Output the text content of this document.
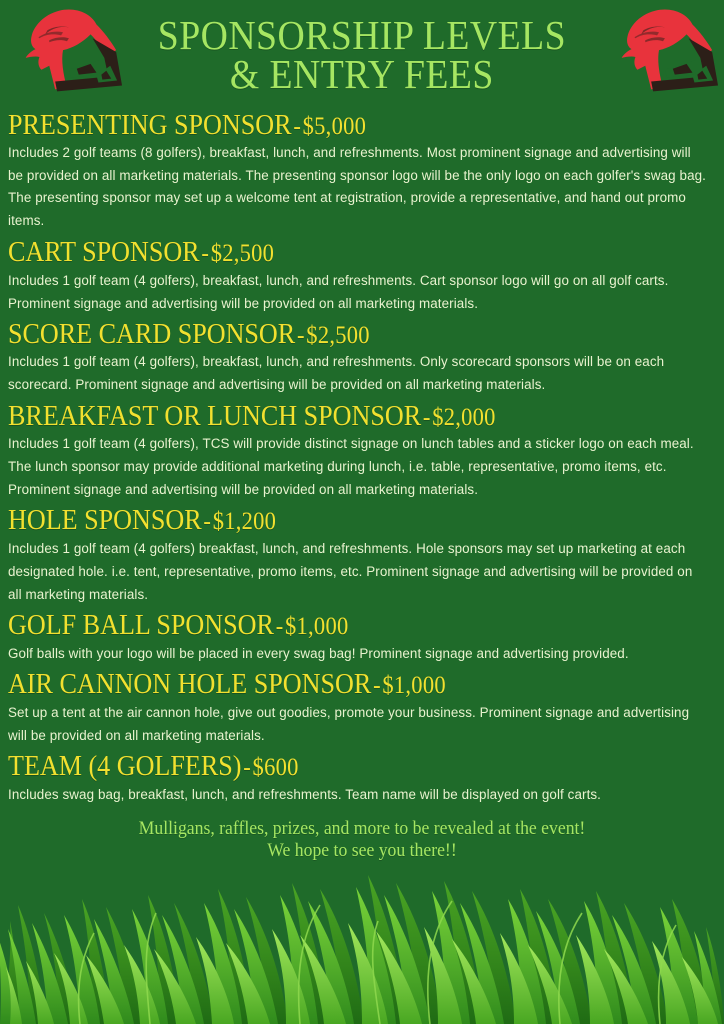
SPONSORSHIP LEVELS
& ENTRY FEES
PRESENTING SPONSOR-$5,000

Includes 2 golf teams (8 golfers), breakfast, lunch, and refreshments. Most prominent signage and advertising will be provided on all marketing materials. The presenting sponsor logo will be the only logo on each golfer's swag bag. The presenting sponsor may set up a welcome tent at registration, provide a representative, and hand out promo items.

CART SPONSOR-$2,500

Includes 1 golf team (4 golfers), breakfast, lunch, and refreshments. Cart sponsor logo will go on all golf carts. Prominent signage and advertising will be provided on all marketing materials.

SCORE CARD SPONSOR-$2,500

Includes 1 golf team (4 golfers), breakfast, lunch, and refreshments. Only scorecard sponsors will be on each scorecard. Prominent signage and advertising will be provided on all marketing materials.

BREAKFAST OR LUNCH SPONSOR-$2,000

Includes 1 golf team (4 golfers), TCS will provide distinct signage on lunch tables and a sticker logo on each meal. The lunch sponsor may provide additional marketing during lunch, i.e. table, representative, promo items, etc. Prominent signage and advertising will be provided on all marketing materials.

HOLE SPONSOR-$1,200

Includes 1 golf team (4 golfers) breakfast, lunch, and refreshments. Hole sponsors may set up marketing at each designated hole. i.e. tent, representative, promo items, etc. Prominent signage and advertising will be provided on all marketing materials.

GOLF BALL SPONSOR-$1,000

Golf balls with your logo will be placed in every swag bag! Prominent signage and advertising provided.

AIR CANNON HOLE SPONSOR-$1,000

Set up a tent at the air cannon hole, give out goodies, promote your business. Prominent signage and advertising will be provided on all marketing materials.

TEAM (4 GOLFERS)-$600

Includes swag bag, breakfast, lunch, and refreshments. Team name will be displayed on golf carts.

Mulligans, raffles, prizes, and more to be revealed at the event!
We hope to see you there!!
